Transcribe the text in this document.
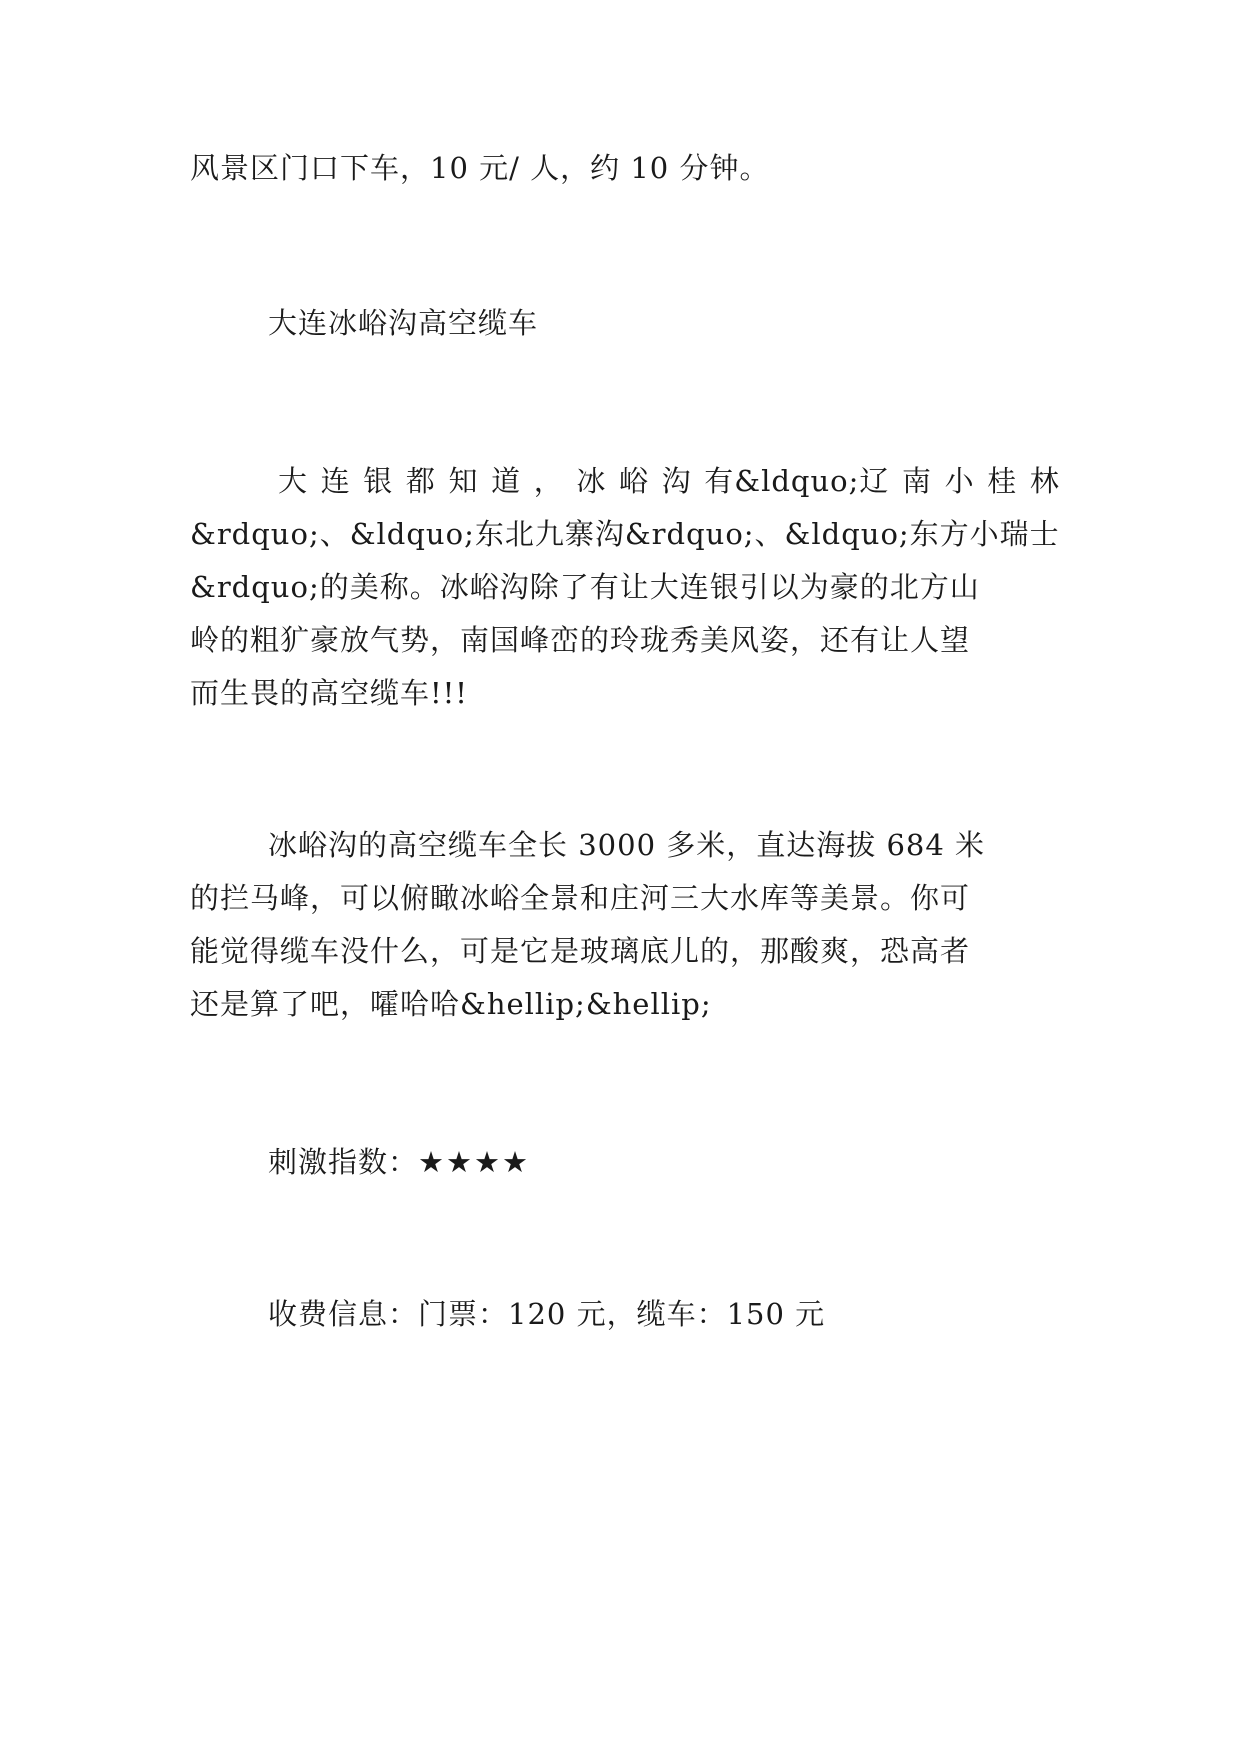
风景区门口下车，10 元/ 人，约 10 分钟。
大连冰峪沟高空缆车
大 连 银 都 知 道 ， 冰 峪 沟 有&ldquo;辽 南 小 桂 林
&rdquo;、&ldquo;东北九寨沟&rdquo;、&ldquo;东方小瑞士
&rdquo;的美称。冰峪沟除了有让大连银引以为豪的北方山
岭的粗犷豪放气势，南国峰峦的玲珑秀美风姿，还有让人望
而生畏的高空缆车!!!
冰峪沟的高空缆车全长 3000 多米，直达海拔 684 米
的拦马峰，可以俯瞰冰峪全景和庄河三大水库等美景。你可
能觉得缆车没什么，可是它是玻璃底儿的，那酸爽，恐高者
还是算了吧，嚯哈哈&hellip;&hellip;
刺激指数：★★★★
收费信息：门票：120 元，缆车：150 元
